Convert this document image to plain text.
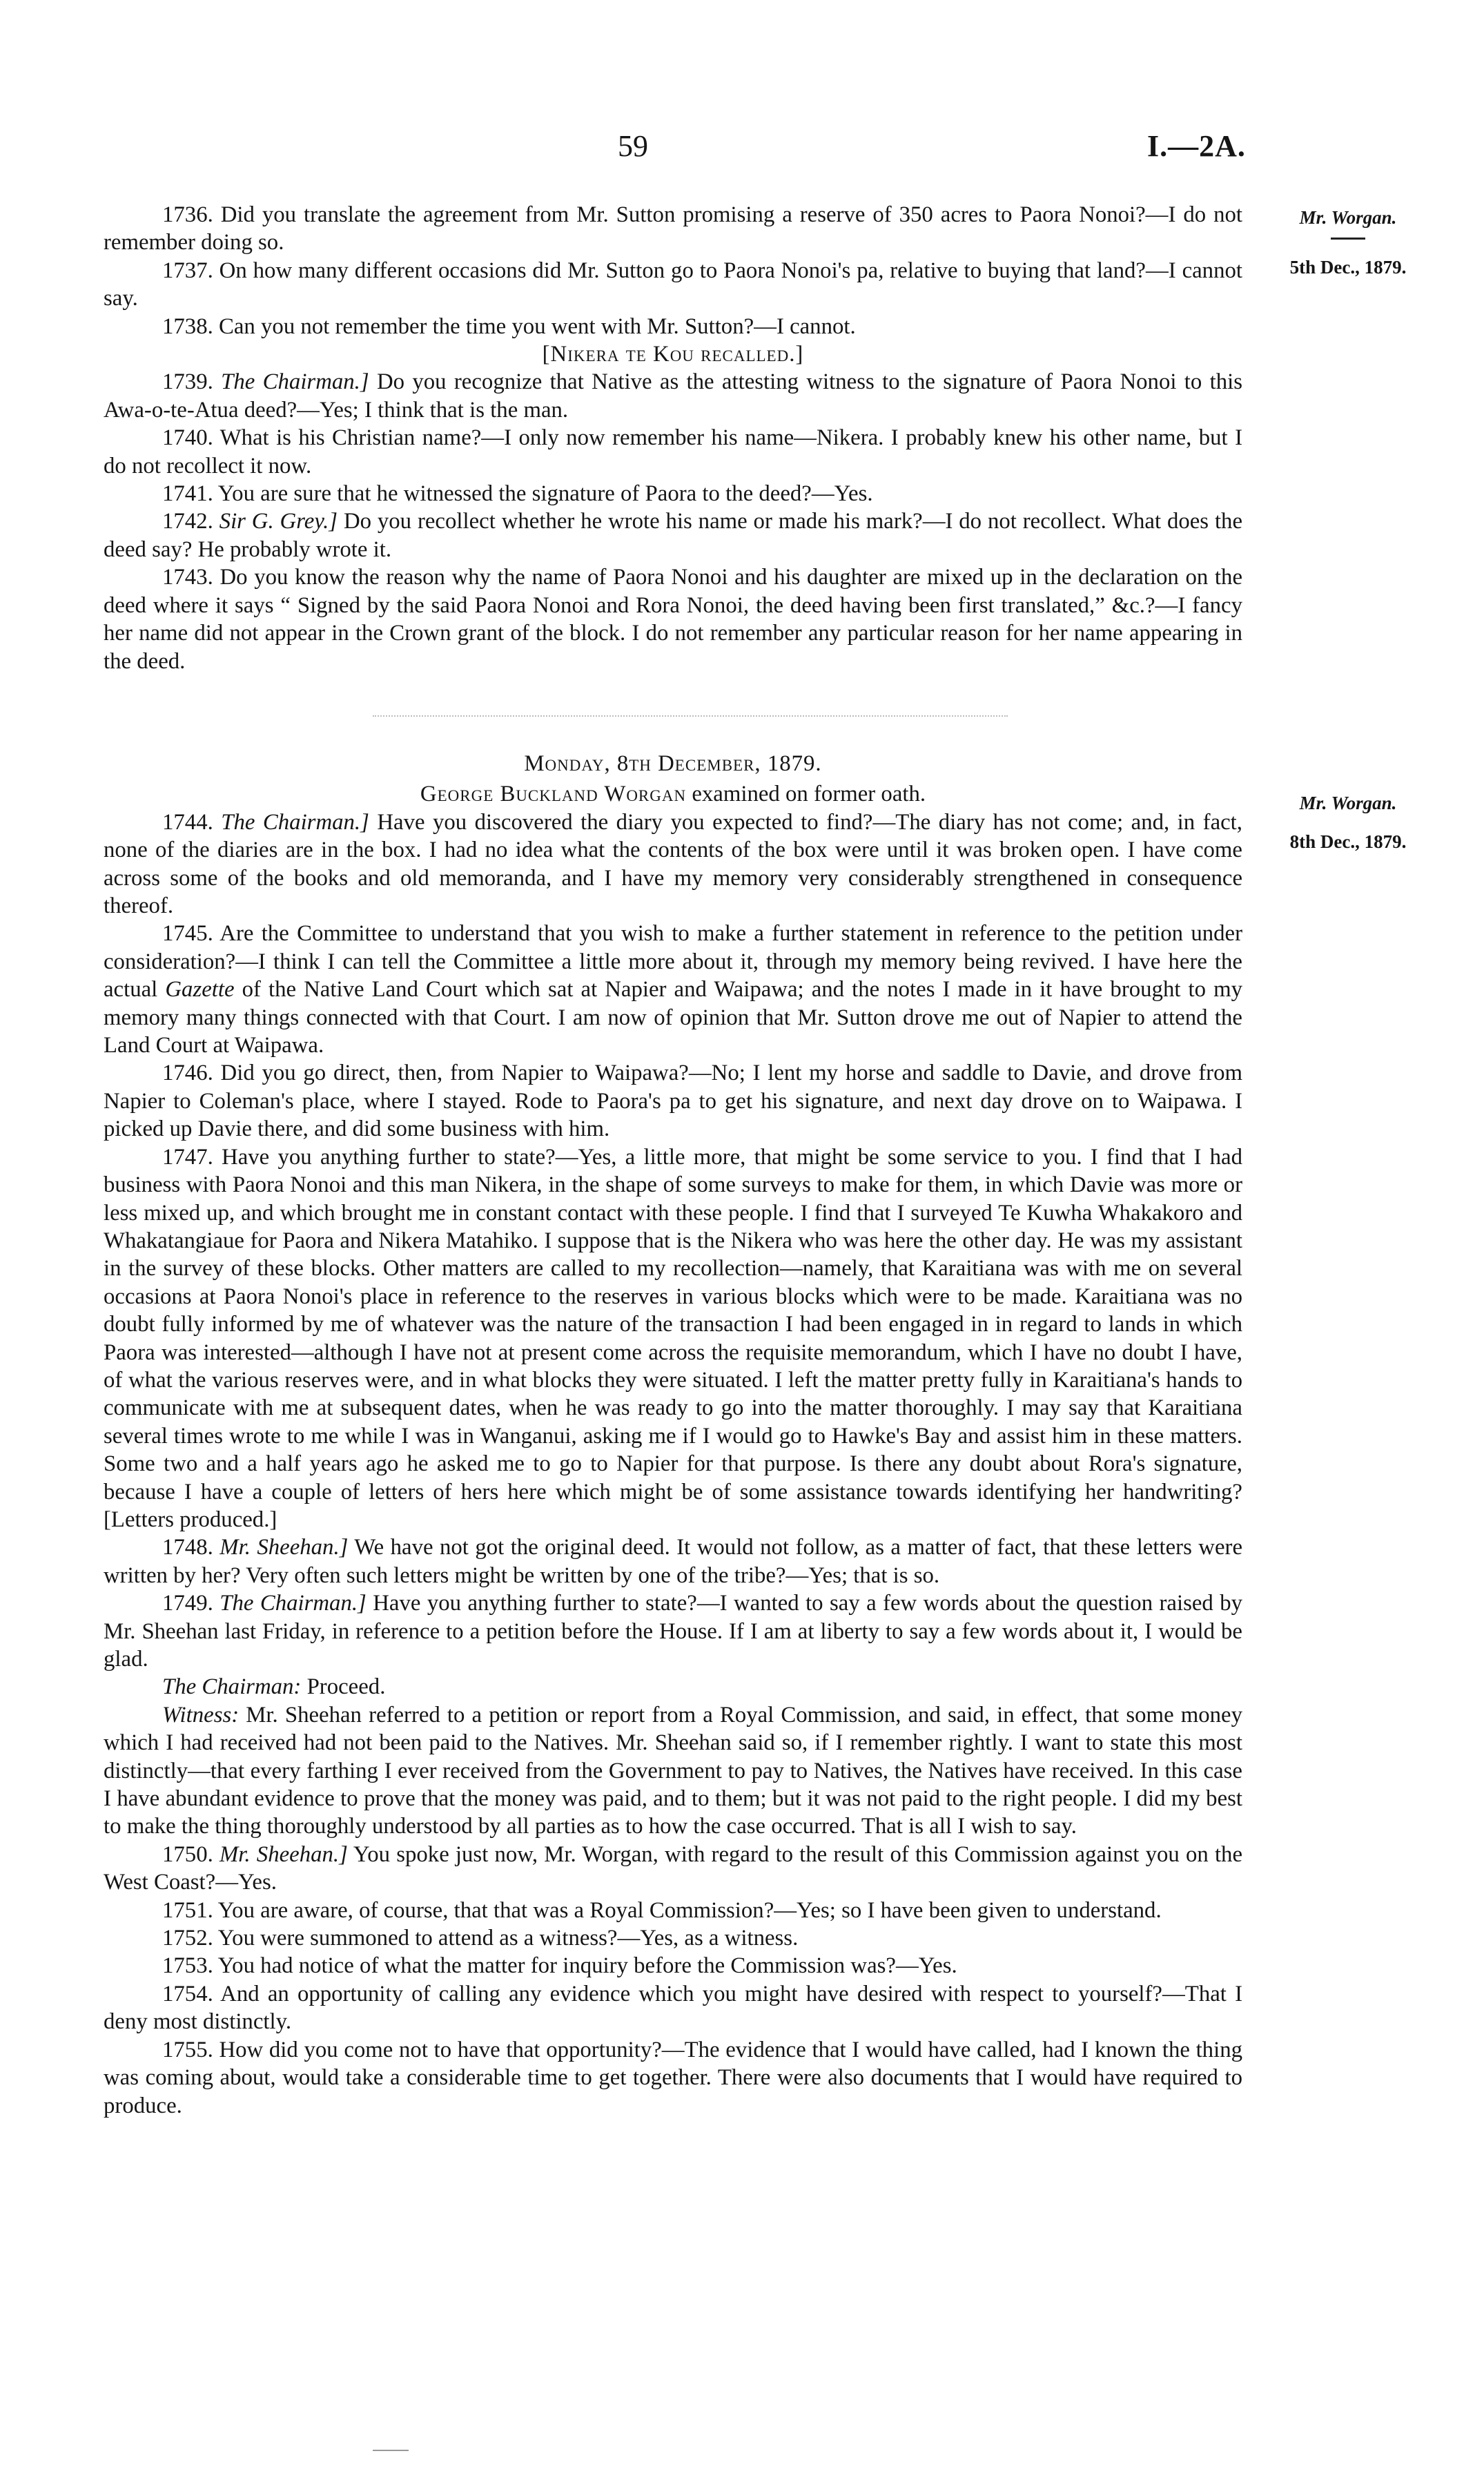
59	I.—2A.
Mr. Worgan.
5th Dec., 1879.

1736. Did you translate the agreement from Mr. Sutton promising a reserve of 350 acres to Paora Nonoi?—I do not remember doing so.

1737. On how many different occasions did Mr. Sutton go to Paora Nonoi's pa, relative to buying that land?—I cannot say.

1738. Can you not remember the time you went with Mr. Sutton?—I cannot.

[Nikera te Kou recalled.]

1739. The Chairman.] Do you recognize that Native as the attesting witness to the signature of Paora Nonoi to this Awa-o-te-Atua deed?—Yes; I think that is the man.

1740. What is his Christian name?—I only now remember his name—Nikera. I probably knew his other name, but I do not recollect it now.

1741. You are sure that he witnessed the signature of Paora to the deed?—Yes.

1742. Sir G. Grey.] Do you recollect whether he wrote his name or made his mark?—I do not recollect. What does the deed say? He probably wrote it.

1743. Do you know the reason why the name of Paora Nonoi and his daughter are mixed up in the declaration on the deed where it says “ Signed by the said Paora Nonoi and Rora Nonoi, the deed having been first translated,” &c.?—I fancy her name did not appear in the Crown grant of the block. I do not remember any particular reason for her name appearing in the deed.

Mr. Worgan.
8th Dec., 1879.

Monday, 8th December, 1879.

George Buckland Worgan examined on former oath.

1744. The Chairman.] Have you discovered the diary you expected to find?—The diary has not come; and, in fact, none of the diaries are in the box. I had no idea what the contents of the box were until it was broken open. I have come across some of the books and old memoranda, and I have my memory very considerably strengthened in consequence thereof.

1745. Are the Committee to understand that you wish to make a further statement in reference to the petition under consideration?—I think I can tell the Committee a little more about it, through my memory being revived. I have here the actual Gazette of the Native Land Court which sat at Napier and Waipawa; and the notes I made in it have brought to my memory many things connected with that Court. I am now of opinion that Mr. Sutton drove me out of Napier to attend the Land Court at Waipawa.

1746. Did you go direct, then, from Napier to Waipawa?—No; I lent my horse and saddle to Davie, and drove from Napier to Coleman's place, where I stayed. Rode to Paora's pa to get his signature, and next day drove on to Waipawa. I picked up Davie there, and did some business with him.

1747. Have you anything further to state?—Yes, a little more, that might be some service to you. I find that I had business with Paora Nonoi and this man Nikera, in the shape of some surveys to make for them, in which Davie was more or less mixed up, and which brought me in constant contact with these people. I find that I surveyed Te Kuwha Whakakoro and Whakatangiaue for Paora and Nikera Matahiko. I suppose that is the Nikera who was here the other day. He was my assistant in the survey of these blocks. Other matters are called to my recollection—namely, that Karaitiana was with me on several occasions at Paora Nonoi's place in reference to the reserves in various blocks which were to be made. Karaitiana was no doubt fully informed by me of whatever was the nature of the transaction I had been engaged in in regard to lands in which Paora was interested—although I have not at present come across the requisite memorandum, which I have no doubt I have, of what the various reserves were, and in what blocks they were situated. I left the matter pretty fully in Karaitiana's hands to communicate with me at subsequent dates, when he was ready to go into the matter thoroughly. I may say that Karaitiana several times wrote to me while I was in Wanganui, asking me if I would go to Hawke's Bay and assist him in these matters. Some two and a half years ago he asked me to go to Napier for that purpose. Is there any doubt about Rora's signature, because I have a couple of letters of hers here which might be of some assistance towards identifying her handwriting? [Letters produced.]

1748. Mr. Sheehan.] We have not got the original deed. It would not follow, as a matter of fact, that these letters were written by her? Very often such letters might be written by one of the tribe?—Yes; that is so.

1749. The Chairman.] Have you anything further to state?—I wanted to say a few words about the question raised by Mr. Sheehan last Friday, in reference to a petition before the House. If I am at liberty to say a few words about it, I would be glad.

The Chairman: Proceed.

Witness: Mr. Sheehan referred to a petition or report from a Royal Commission, and said, in effect, that some money which I had received had not been paid to the Natives. Mr. Sheehan said so, if I remember rightly. I want to state this most distinctly—that every farthing I ever received from the Government to pay to Natives, the Natives have received. In this case I have abundant evidence to prove that the money was paid, and to them; but it was not paid to the right people. I did my best to make the thing thoroughly understood by all parties as to how the case occurred. That is all I wish to say.

1750. Mr. Sheehan.] You spoke just now, Mr. Worgan, with regard to the result of this Commission against you on the West Coast?—Yes.

1751. You are aware, of course, that that was a Royal Commission?—Yes; so I have been given to understand.

1752. You were summoned to attend as a witness?—Yes, as a witness.

1753. You had notice of what the matter for inquiry before the Commission was?—Yes.

1754. And an opportunity of calling any evidence which you might have desired with respect to yourself?—That I deny most distinctly.

1755. How did you come not to have that opportunity?—The evidence that I would have called, had I known the thing was coming about, would take a considerable time to get together. There were also documents that I would have required to produce.
